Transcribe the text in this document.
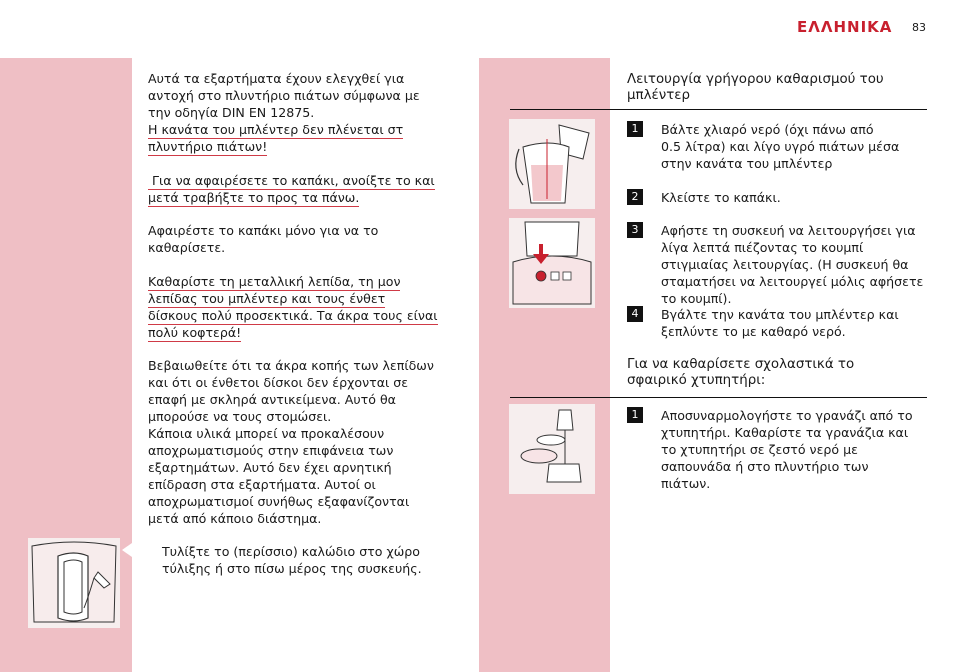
ΕΛΛΗΝΙΚΑ 83
Αυτά τα εξαρτήματα έχουν ελεγχθεί για
αντοχή στο πλυντήριο πιάτων σύμφωνα με
την οδηγία DIN EN 12875.
Η κανάτα του μπλέντερ δεν πλένεται στ
πλυντήριο πιάτων!
Για να αφαιρέσετε το καπάκι, ανοίξτε το και
μετά τραβήξτε το προς τα πάνω.
Αφαιρέστε το καπάκι μόνο για να το
καθαρίσετε.
Καθαρίστε τη μεταλλική λεπίδα, τη μον
λεπίδας του μπλέντερ και τους ένθετ
δίσκους πολύ προσεκτικά. Τα άκρα τους είναι
πολύ κοφτερά!
Βεβαιωθείτε ότι τα άκρα κοπής των λεπίδων
και ότι οι ένθετοι δίσκοι δεν έρχονται σε
επαφή με σκληρά αντικείμενα. Αυτό θα
μπορούσε να τους στομώσει.
Κάποια υλικά μπορεί να προκαλέσουν
αποχρωματισμούς στην επιφάνεια των
εξαρτημάτων. Αυτό δεν έχει αρνητική
επίδραση στα εξαρτήματα. Αυτοί οι
αποχρωματισμοί συνήθως εξαφανίζονται
μετά από κάποιο διάστημα.
Τυλίξτε το (περίσσιο) καλώδιο στο χώρο
τύλιξης ή στο πίσω μέρος της συσκευής.
Λειτουργία γρήγορου καθαρισμού του
μπλέντερ
1	Βάλτε χλιαρό νερό (όχι πάνω από
0.5 λίτρα) και λίγο υγρό πιάτων μέσα
στην κανάτα του μπλέντερ
2	Κλείστε το καπάκι.
3	Αφήστε τη συσκευή να λειτουργήσει για
λίγα λεπτά πιέζοντας το κουμπί
στιγμιαίας λειτουργίας. (Η συσκευή θα
σταματήσει να λειτουργεί μόλις αφήσετε
το κουμπί).
4	Βγάλτε την κανάτα του μπλέντερ και
ξεπλύντε το με καθαρό νερό.
Για να καθαρίσετε σχολαστικά το
σφαιρικό χτυπητήρι:
1	Αποσυναρμολογήστε το γρανάζι από το
χτυπητήρι. Καθαρίστε τα γρανάζια και
το χτυπητήρι σε ζεστό νερό με
σαπουνάδα ή στο πλυντήριο των
πιάτων.
